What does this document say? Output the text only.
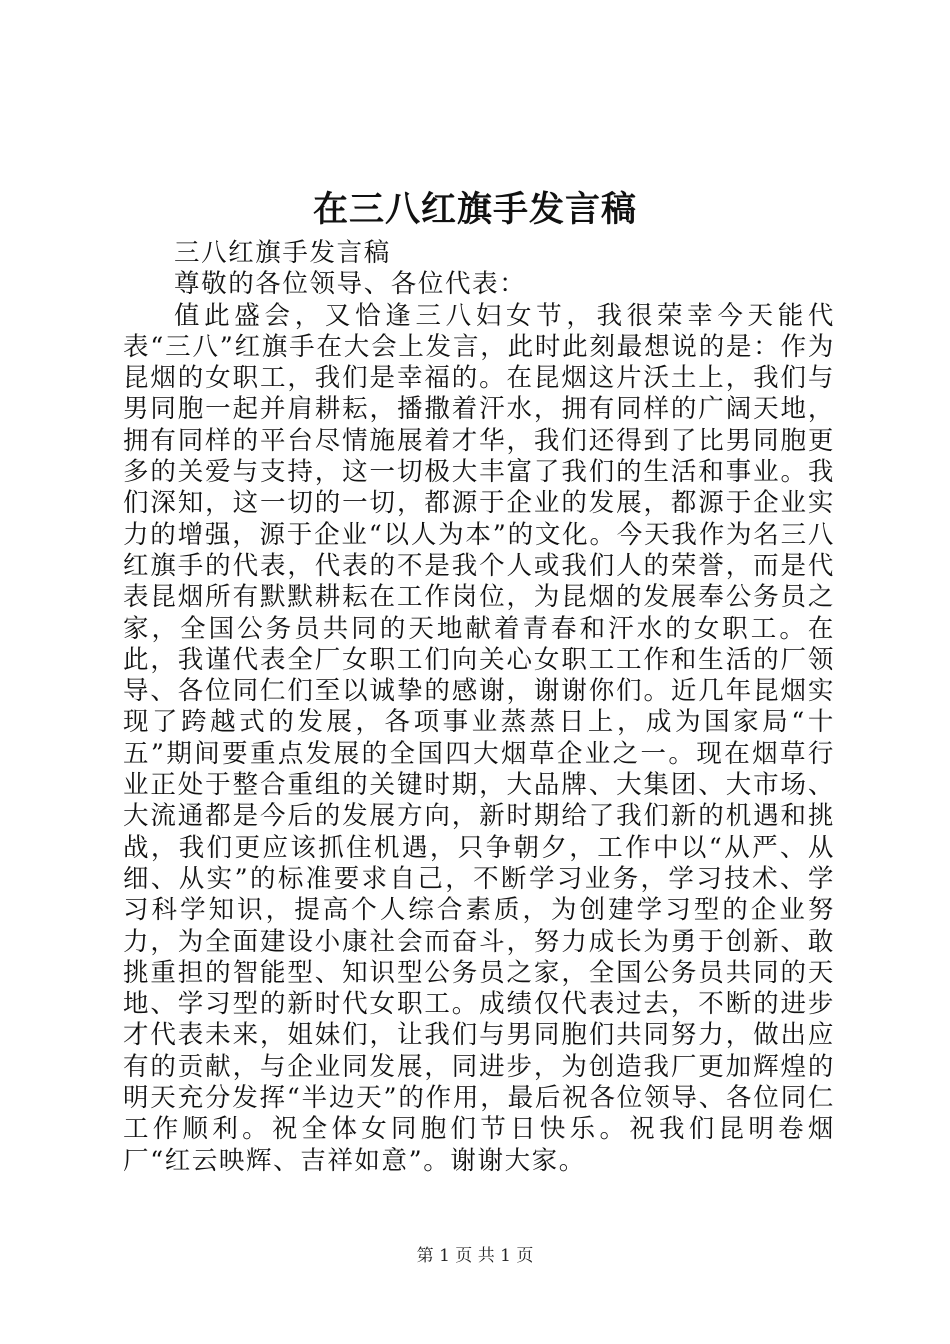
在三八红旗手发言稿

三八红旗手发言稿

尊敬的各位领导、各位代表：

值此盛会，又恰逢三八妇女节，我很荣幸今天能代表“三八”红旗手在大会上发言，此时此刻最想说的是：作为昆烟的女职工，我们是幸福的。在昆烟这片沃土上，我们与男同胞一起并肩耕耘，播撒着汗水，拥有同样的广阔天地，拥有同样的平台尽情施展着才华，我们还得到了比男同胞更多的关爱与支持，这一切极大丰富了我们的生活和事业。我们深知，这一切的一切，都源于企业的发展，都源于企业实力的增强，源于企业“以人为本”的文化。今天我作为名三八红旗手的代表，代表的不是我个人或我们人的荣誉，而是代表昆烟所有默默耕耘在工作岗位，为昆烟的发展奉公务员之家，全国公务员共同的天地献着青春和汗水的女职工。在此，我谨代表全厂女职工们向关心女职工工作和生活的厂领导、各位同仁们至以诚挚的感谢，谢谢你们。近几年昆烟实现了跨越式的发展，各项事业蒸蒸日上，成为国家局“十五”期间要重点发展的全国四大烟草企业之一。现在烟草行业正处于整合重组的关键时期，大品牌、大集团、大市场、大流通都是今后的发展方向，新时期给了我们新的机遇和挑战，我们更应该抓住机遇，只争朝夕，工作中以“从严、从细、从实”的标准要求自己，不断学习业务，学习技术、学习科学知识，提高个人综合素质，为创建学习型的企业努力，为全面建设小康社会而奋斗，努力成长为勇于创新、敢挑重担的智能型、知识型公务员之家，全国公务员共同的天地、学习型的新时代女职工。成绩仅代表过去，不断的进步才代表未来，姐妹们，让我们与男同胞们共同努力，做出应有的贡献，与企业同发展，同进步，为创造我厂更加辉煌的明天充分发挥“半边天”的作用，最后祝各位领导、各位同仁工作顺利。祝全体女同胞们节日快乐。祝我们昆明卷烟厂“红云映辉、吉祥如意”。谢谢大家。

第 1 页 共 1 页
